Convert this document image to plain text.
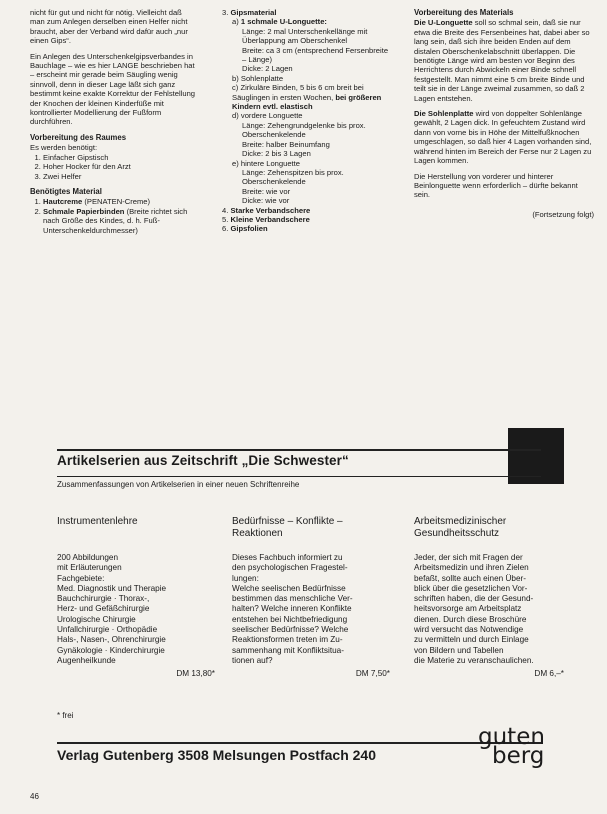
nicht für gut und nicht für nötig. Vielleicht daß man zum Anlegen derselben einen Helfer nicht braucht, aber der Verband wird dafür auch „nur einen Gips“.

Ein Anlegen des Unterschenkelgipsverbandes in Bauchlage – wie es hier LANGE beschrieben hat – erscheint mir gerade beim Säugling wenig sinnvoll, denn in dieser Lage läßt sich ganz bestimmt keine exakte Korrektur der Fehlstellung der Knochen der kleinen Kinderfüße mit kontrollierter Modellierung der Fußform durchführen.

Vorbereitung des Raumes
Es werden benötigt:
1. Einfacher Gipstisch
2. Hoher Hocker für den Arzt
3. Zwei Helfer
Benötigtes Material
1. Hautcreme (PENATEN-Creme)
2. Schmale Papierbinden (Breite richtet sich nach Größe des Kindes, d. h. Fuß-Unterschenkeldurchmesser)
3. Gipsmaterial
a) 1 schmale U-Longuette:
Länge: 2 mal Unterschenkellänge mit Überlappung am Oberschenkel
Breite: ca 3 cm (entsprechend Fersenbreite – Länge)
Dicke: 2 Lagen
b) Sohlenplatte
c) Zirkuläre Binden, 5 bis 6 cm breit bei Säuglingen in ersten Wochen, bei größeren Kindern evtl. elastisch
d) vordere Longuette
Länge: Zehengrundgelenke bis prox. Oberschenkelende
Breite: halber Beinumfang
Dicke: 2 bis 3 Lagen
e) hintere Longuette
Länge: Zehenspitzen bis prox. Oberschenkelende
Breite: wie vor
Dicke: wie vor
4. Starke Verbandschere
5. Kleine Verbandschere
6. Gipsfolien
Vorbereitung des Materials

Die U-Longuette soll so schmal sein, daß sie nur etwa die Breite des Fersenbeines hat, dabei aber so lang sein, daß sich ihre beiden Enden auf dem distalen Oberschenkelabschnitt überlappen. Die benötigte Länge wird am besten vor Beginn des Herrichtens durch Abwickeln einer Binde schnell festgestellt. Man nimmt eine 5 cm breite Binde und teilt sie in der Länge zweimal zusammen, so daß 2 Lagen entstehen.

Die Sohlenplatte wird von doppelter Sohlenlänge gewählt, 2 Lagen dick. In gefeuchtem Zustand wird dann von vorne bis in Höhe der Mittelfußknochen umgeschlagen, so daß hier 4 Lagen vorhanden sind, während hinten im Bereich der Ferse nur 2 Lagen zu Lagen kommen.

Die Herstellung von vorderer und hinterer Beinlonguette wenn erforderlich – dürfte bekannt sein.

(Fortsetzung folgt)

Artikelserien aus Zeitschrift „Die Schwester“
Zusammenfassungen von Artikelserien in einer neuen Schriftenreihe
Instrumentenlehre

200 Abbildungen
mit Erläuterungen
Fachgebiete:
Med. Diagnostik und Therapie
Bauchchirurgie · Thorax-,
Herz- und Gefäßchirurgie
Urologische Chirurgie
Unfallchirurgie · Orthopädie
Hals-, Nasen-, Ohrenchirurgie
Gynäkologie · Kinderchirurgie
Augenheilkunde
DM 13,80*
Bedürfnisse – Konflikte –
Reaktionen
Dieses Fachbuch informiert zu
den psychologischen Fragestel-
lungen:
Welche seelischen Bedürfnisse
bestimmen das menschliche Ver-
halten? Welche inneren Konflikte
entstehen bei Nichtbefriedigung
seelischer Bedürfnisse? Welche
Reaktionsformen treten im Zu-
sammenhang mit Konfliktsitua-
tionen auf?
DM 7,50*
Arbeitsmedizinischer
Gesundheitsschutz
Jeder, der sich mit Fragen der
Arbeitsmedizin und ihren Zielen
befaßt, sollte auch einen Über-
blick über die gesetzlichen Vor-
schriften haben, die der Gesund-
heitsvorsorge am Arbeitsplatz
dienen. Durch diese Broschüre
wird versucht das Notwendige
zu vermitteln und durch Einlage
von Bildern und Tabellen
die Materie zu veranschaulichen.
DM 6,–*
* frei
Verlag Gutenberg 3508 Melsungen Postfach 240
guten
berg
46
